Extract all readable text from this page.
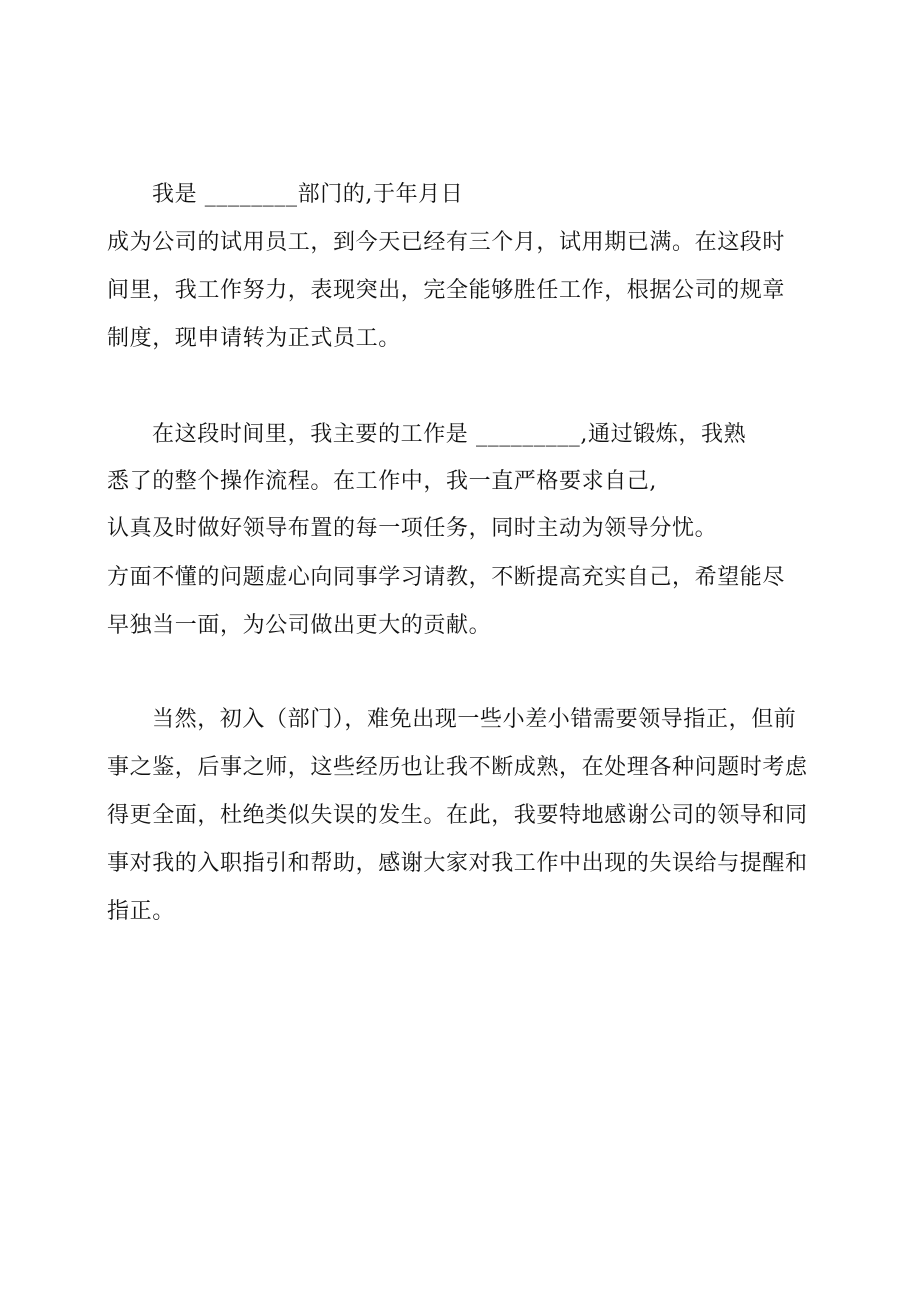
我是 ________部门的,于年月日
成为公司的试用员工，到今天已经有三个月，试用期已满。在这段时
间里，我工作努力，表现突出，完全能够胜任工作，根据公司的规章
制度，现申请转为正式员工。
在这段时间里，我主要的工作是 _________,通过锻炼，我熟
悉了的整个操作流程。在工作中，我一直严格要求自己,
认真及时做好领导布置的每一项任务，同时主动为领导分忧。
方面不懂的问题虚心向同事学习请教，不断提高充实自己，希望能尽
早独当一面，为公司做出更大的贡献。
当然，初入（部门），难免出现一些小差小错需要领导指正，但前
事之鉴，后事之师，这些经历也让我不断成熟，在处理各种问题时考虑
得更全面，杜绝类似失误的发生。在此，我要特地感谢公司的领导和同
事对我的入职指引和帮助，感谢大家对我工作中出现的失误给与提醒和
指正。
